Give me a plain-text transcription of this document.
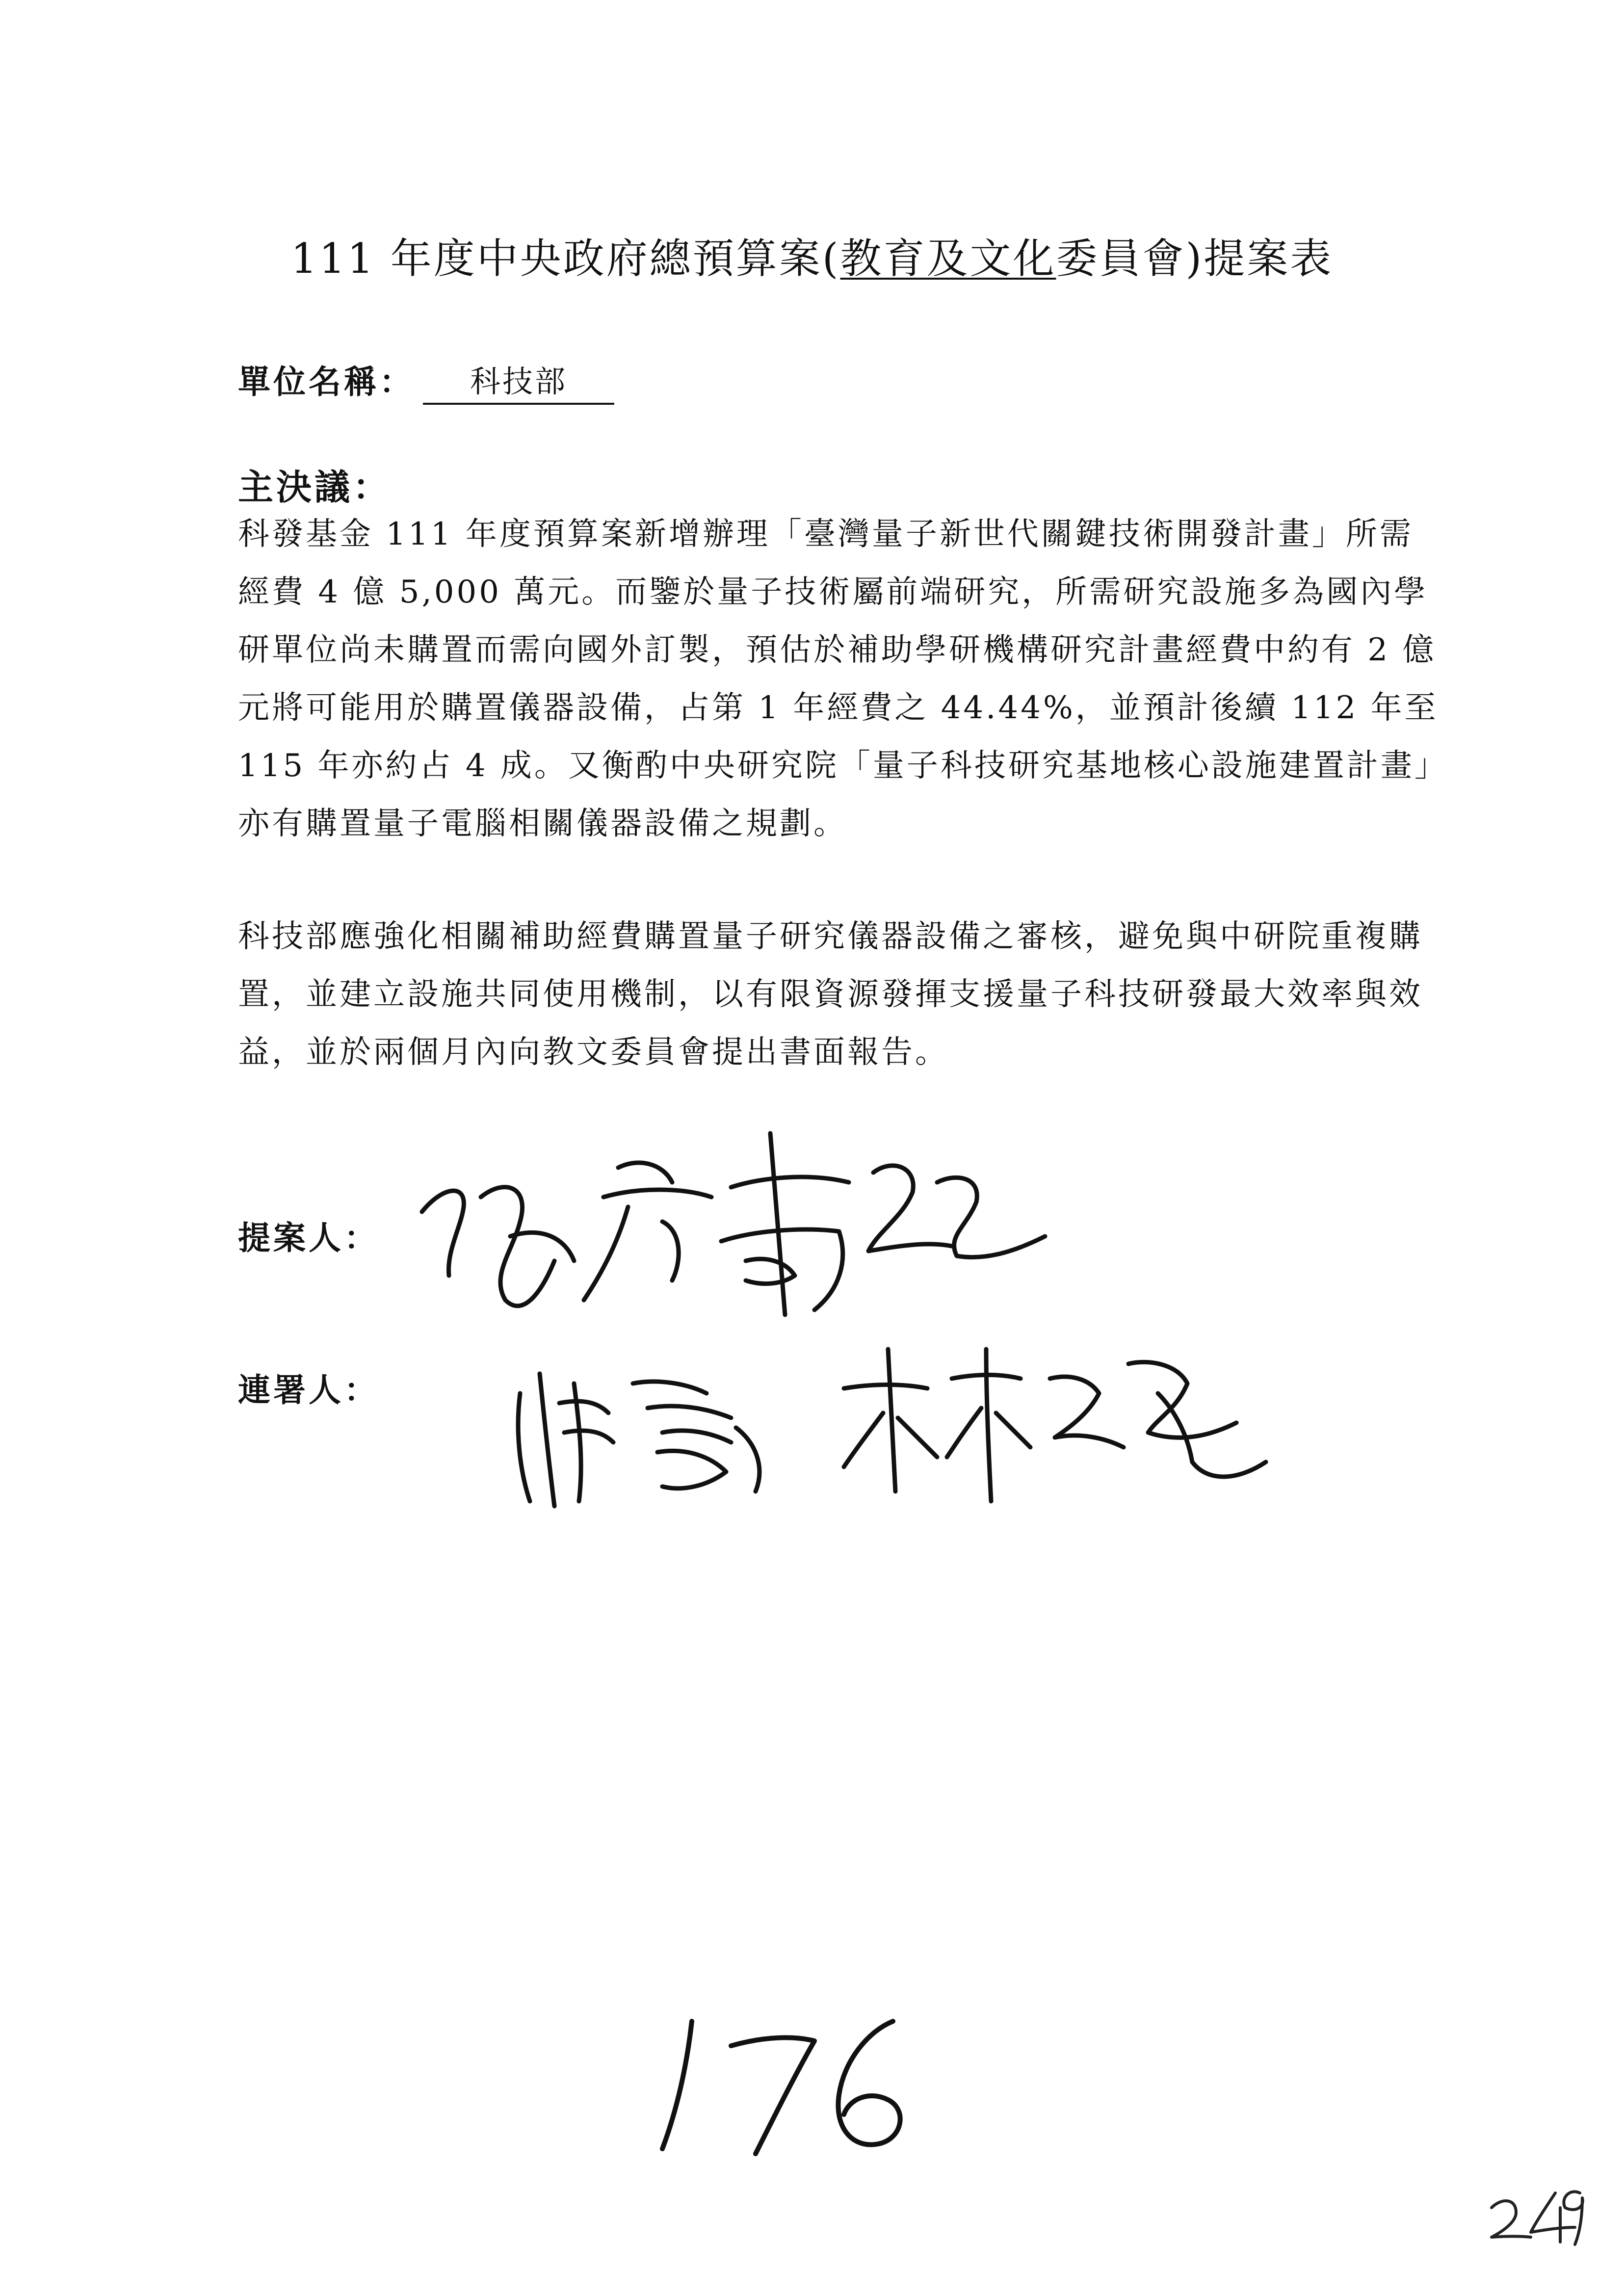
111 年度中央政府總預算案(教育及文化委員會)提案表
單位名稱：	科技部
主決議：

科發基金 111 年度預算案新增辦理「臺灣量子新世代關鍵技術開發計畫」所需經費 4 億 5,000 萬元。而鑒於量子技術屬前端研究，所需研究設施多為國內學研單位尚未購置而需向國外訂製，預估於補助學研機構研究計畫經費中約有 2 億元將可能用於購置儀器設備，占第 1 年經費之 44.44%，並預計後續 112 年至 115 年亦約占 4 成。又衡酌中央研究院「量子科技研究基地核心設施建置計畫」亦有購置量子電腦相關儀器設備之規劃。

科技部應強化相關補助經費購置量子研究儀器設備之審核，避免與中研院重複購置，並建立設施共同使用機制，以有限資源發揮支援量子科技研發最大效率與效益，並於兩個月內向教文委員會提出書面報告。

提案人：
連署人：
